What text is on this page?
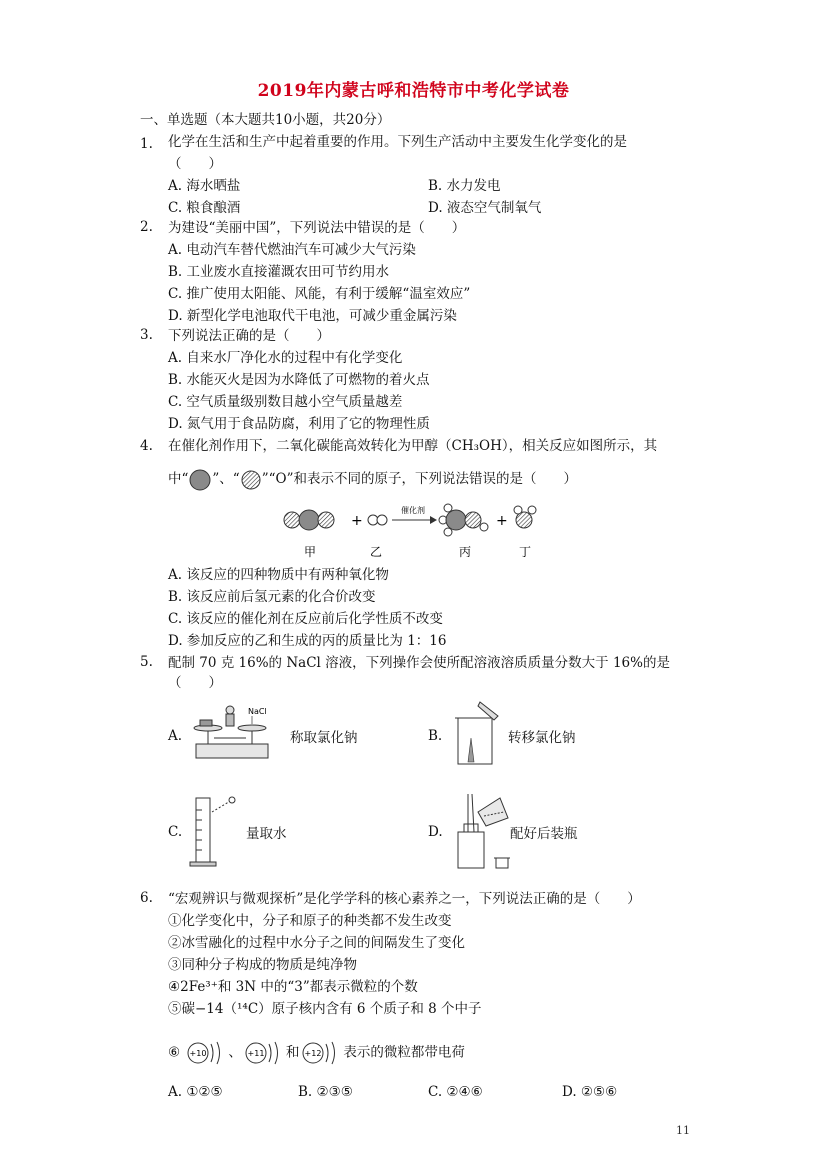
2019年内蒙古呼和浩特市中考化学试卷
一、单选题（本大题共10小题，共20分）
1. 化学在生活和生产中起着重要的作用。下列生产活动中主要发生化学变化的是
（　　）
A. 海水晒盐	B. 水力发电
C. 粮食酿酒	D. 液态空气制氧气
2. 为建设“美丽中国”，下列说法中错误的是（　　）
A. 电动汽车替代燃油汽车可减少大气污染
B. 工业废水直接灌溉农田可节约用水
C. 推广使用太阳能、风能，有利于缓解“温室效应”
D. 新型化学电池取代干电池，可减少重金属污染
3. 下列说法正确的是（　　）
A. 自来水厂净化水的过程中有化学变化
B. 水能灭火是因为水降低了可燃物的着火点
C. 空气质量级别数目越小空气质量越差
D. 氮气用于食品防腐，利用了它的物理性质
4. 在催化剂作用下，二氧化碳能高效转化为甲醇（CH₃OH），相关反应如图所示，其
中“ ”、“ ”“O”和表示不同的原子，下列说法错误的是（　　）
+
催化剂
+
甲	乙	丙	丁
A. 该反应的四种物质中有两种氧化物
B. 该反应前后氢元素的化合价改变
C. 该反应的催化剂在反应前后化学性质不改变
D. 参加反应的乙和生成的丙的质量比为 1：16
5. 配制 70 克 16%的 NaCl 溶液，下列操作会使所配溶液溶质质量分数大于 16%的是
（　　）
A.
NaCl
称取氯化钠	B.	转移氯化钠
C.	量取水	D.	配好后装瓶
6. “宏观辨识与微观探析”是化学学科的核心素养之一，下列说法正确的是（　　）
①化学变化中，分子和原子的种类都不发生改变
②冰雪融化的过程中水分子之间的间隔发生了变化
③同种分子构成的物质是纯净物
④2Fe³⁺和 3N 中的“3”都表示微粒的个数
⑤碳−14（¹⁴C）原子核内含有 6 个质子和 8 个中子
⑥ +10 、 +11 和 +12 表示的微粒都带电荷
A. ①②⑤	B. ②③⑤	C. ②④⑥	D. ②⑤⑥
11
